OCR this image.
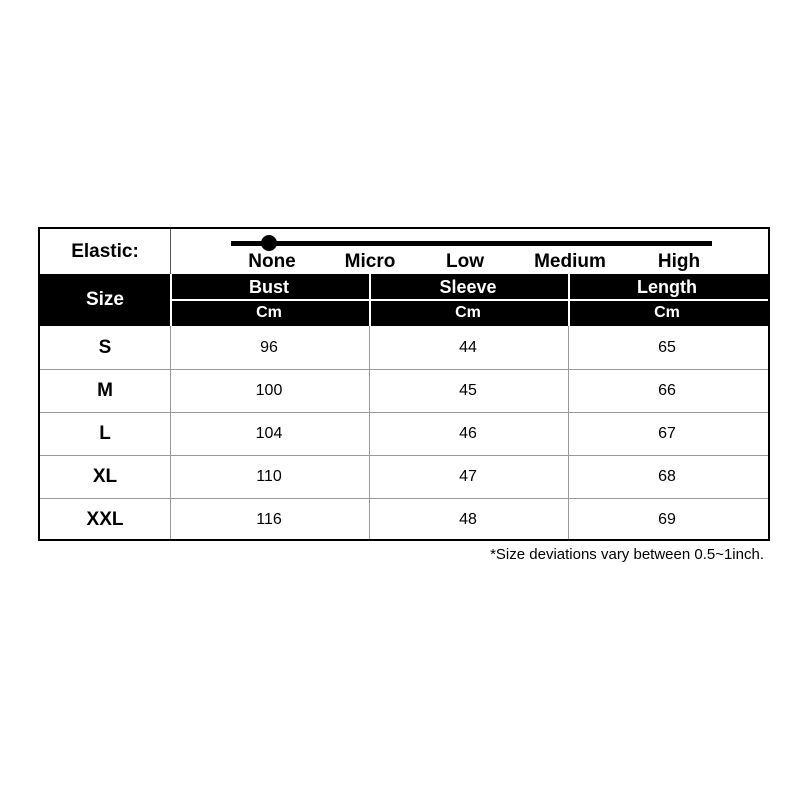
Elastic:	None	Micro	Low	Medium	High
Size
Bust	Sleeve	Length
Cm	Cm	Cm
S	96	44	65
M	100	45	66
L	104	46	67
XL	110	47	68
XXL	116	48	69
*Size deviations vary between 0.5~1inch.
